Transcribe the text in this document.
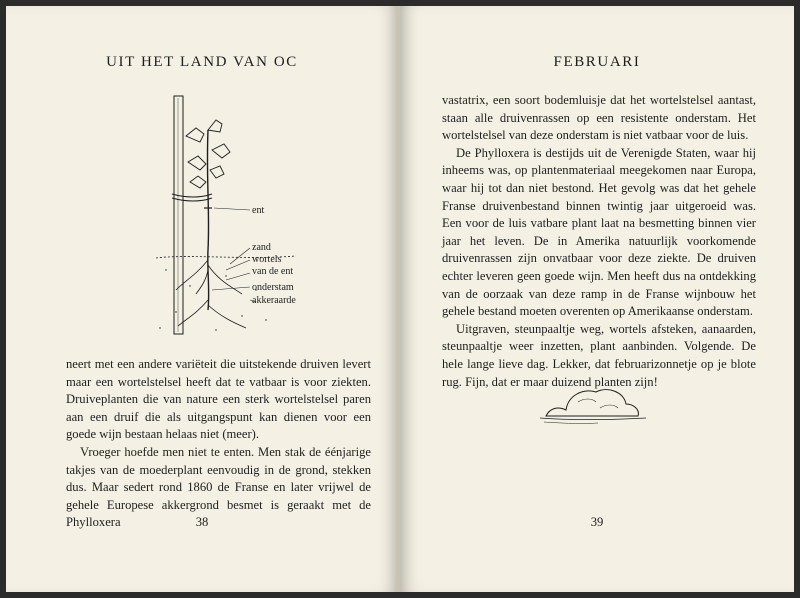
UIT HET LAND VAN OC
ent
zand
wortels
van de ent
onderstam
akkeraarde

neert met een andere variëteit die uitstekende druiven levert maar een wortelstelsel heeft dat te vatbaar is voor ziekten. Druiveplanten die van nature een sterk wortelstelsel paren aan een druif die als uitgangspunt kan dienen voor een goede wijn bestaan helaas niet (meer).

Vroeger hoefde men niet te enten. Men stak de éénjarige takjes van de moederplant eenvoudig in de grond, stekken dus. Maar sedert rond 1860 de Franse en later vrijwel de gehele Europese akkergrond besmet is geraakt met de Phylloxera	38
FEBRUARI

vastatrix, een soort bodemluisje dat het wortelstelsel aantast, staan alle druivenrassen op een resistente onderstam. Het wortelstelsel van deze onderstam is niet vatbaar voor de luis.

De Phylloxera is destijds uit de Verenigde Staten, waar hij inheems was, op plantenmateriaal meegekomen naar Europa, waar hij tot dan niet bestond. Het gevolg was dat het gehele Franse druivenbestand binnen twintig jaar uitgeroeid was. Een voor de luis vatbare plant laat na besmetting binnen vier jaar het leven. De in Amerika natuurlijk voorkomende druivenrassen zijn onvatbaar voor deze ziekte. De druiven echter leveren geen goede wijn. Men heeft dus na ontdekking van de oorzaak van deze ramp in de Franse wijnbouw het gehele bestand moeten overenten op Amerikaanse onderstam.

Uitgraven, steunpaaltje weg, wortels afsteken, aanaarden, steunpaaltje weer inzetten, plant aanbinden. Volgende. De hele lange lieve dag. Lekker, dat februarizonnetje op je blote rug. Fijn, dat er maar duizend planten zijn!

39
